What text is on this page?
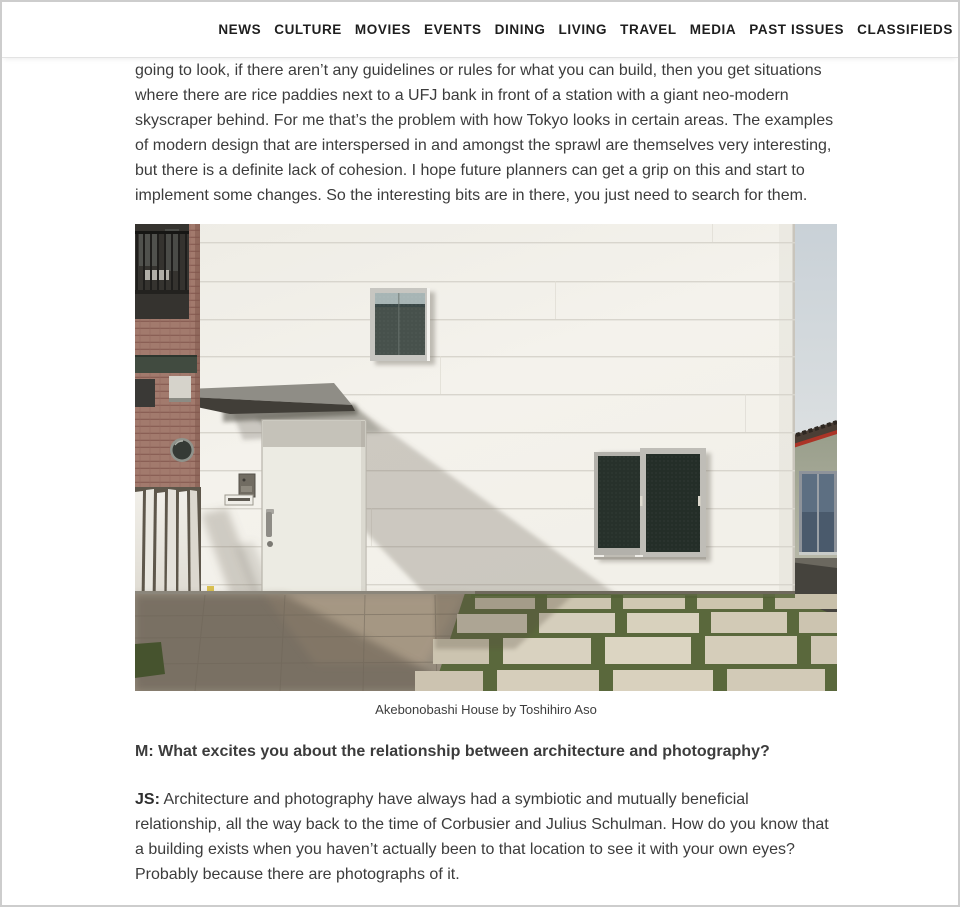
NEWS CULTURE MOVIES EVENTS DINING LIVING TRAVEL MEDIA PAST ISSUES CLASSIFIEDS

going to look, if there aren’t any guidelines or rules for what you can build, then you get situations where there are rice paddies next to a UFJ bank in front of a station with a giant neo-modern skyscraper behind. For me that’s the problem with how Tokyo looks in certain areas. The examples of modern design that are interspersed in and amongst the sprawl are themselves very interesting, but there is a definite lack of cohesion. I hope future planners can get a grip on this and start to implement some changes. So the interesting bits are in there, you just need to search for them.

Akebonobashi House by Toshihiro Aso

M: What excites you about the relationship between architecture and photography?

JS: Architecture and photography have always had a symbiotic and mutually beneficial relationship, all the way back to the time of Corbusier and Julius Schulman. How do you know that a building exists when you haven’t actually been to that location to see it with your own eyes? Probably because there are photographs of it.
